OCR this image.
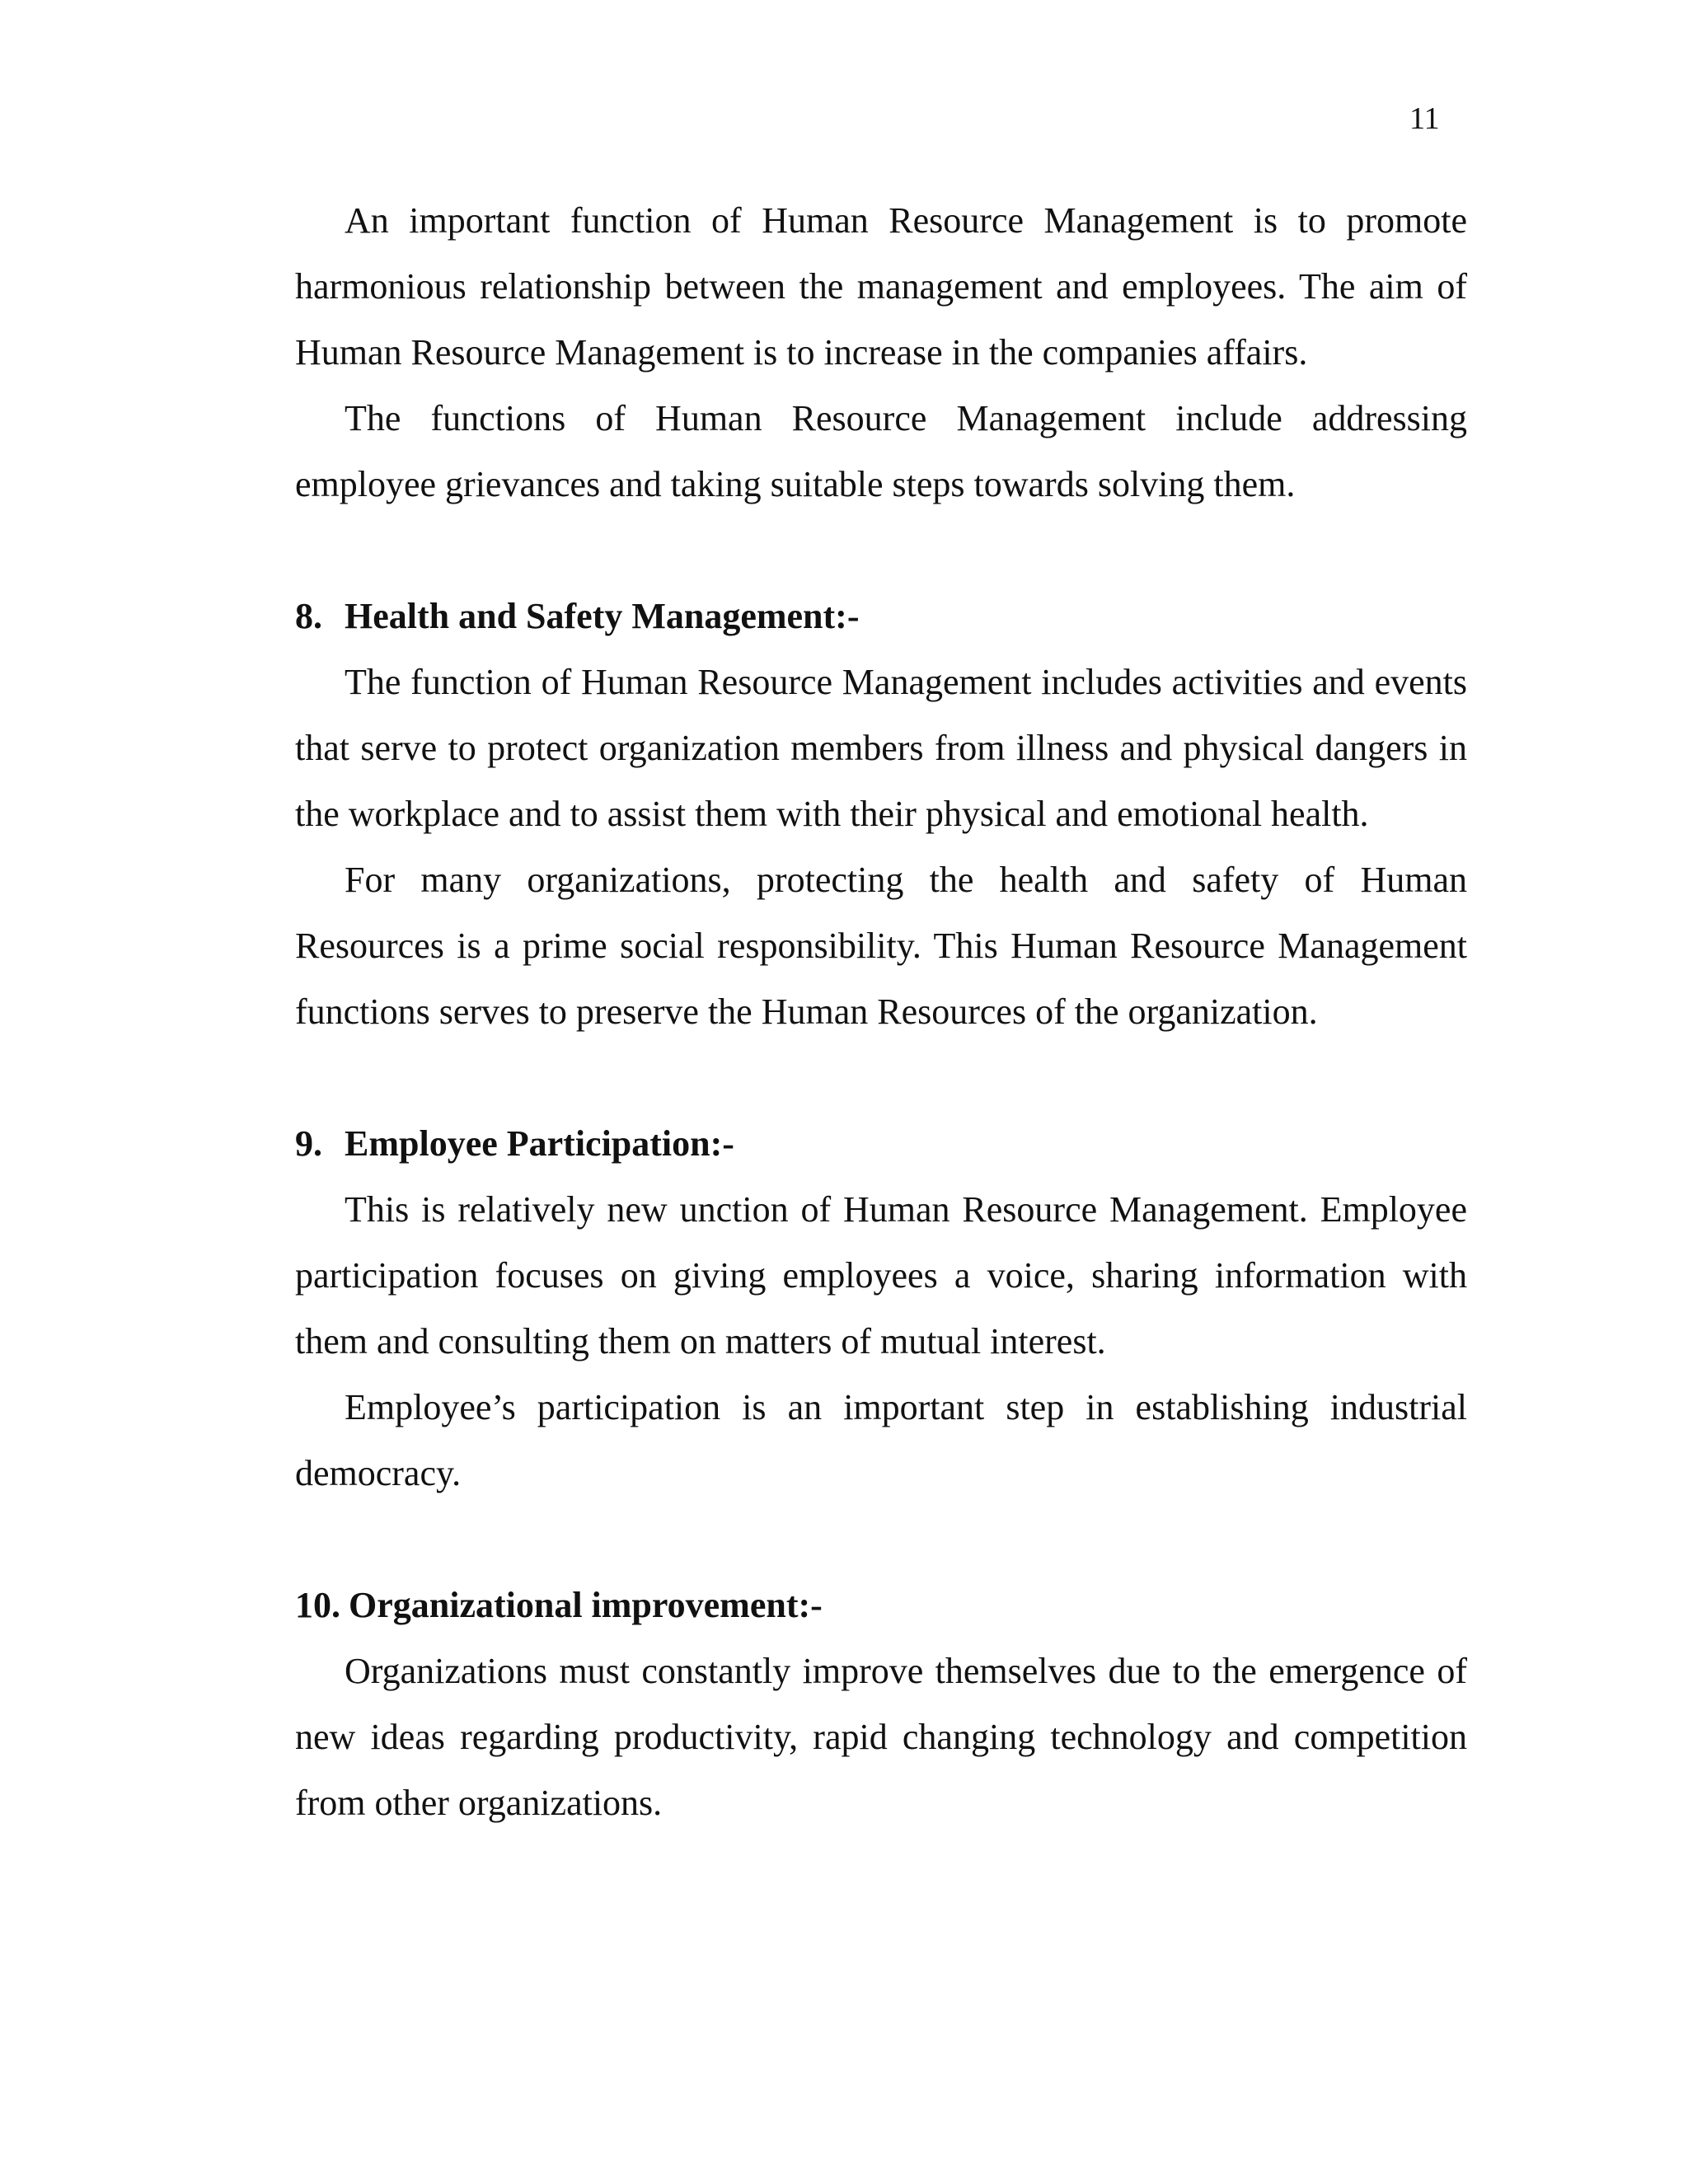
11

An important function of Human Resource Management is to promote harmonious relationship between the management and employees. The aim of Human Resource Management is to increase in the companies affairs.

The functions of Human Resource Management include addressing employee grievances and taking suitable steps towards solving them.

8. Health and Safety Management:-

The function of Human Resource Management includes activities and events that serve to protect organization members from illness and physical dangers in the workplace and to assist them with their physical and emotional health.

For many organizations, protecting the health and safety of Human Resources is a prime social responsibility. This Human Resource Management functions serves to preserve the Human Resources of the organization.

9. Employee Participation:-

This is relatively new unction of Human Resource Management. Employee participation focuses on giving employees a voice, sharing information with them and consulting them on matters of mutual interest.

Employee’s participation is an important step in establishing industrial democracy.

10. Organizational improvement:-

Organizations must constantly improve themselves due to the emergence of new ideas regarding productivity, rapid changing technology and competition from other organizations.
